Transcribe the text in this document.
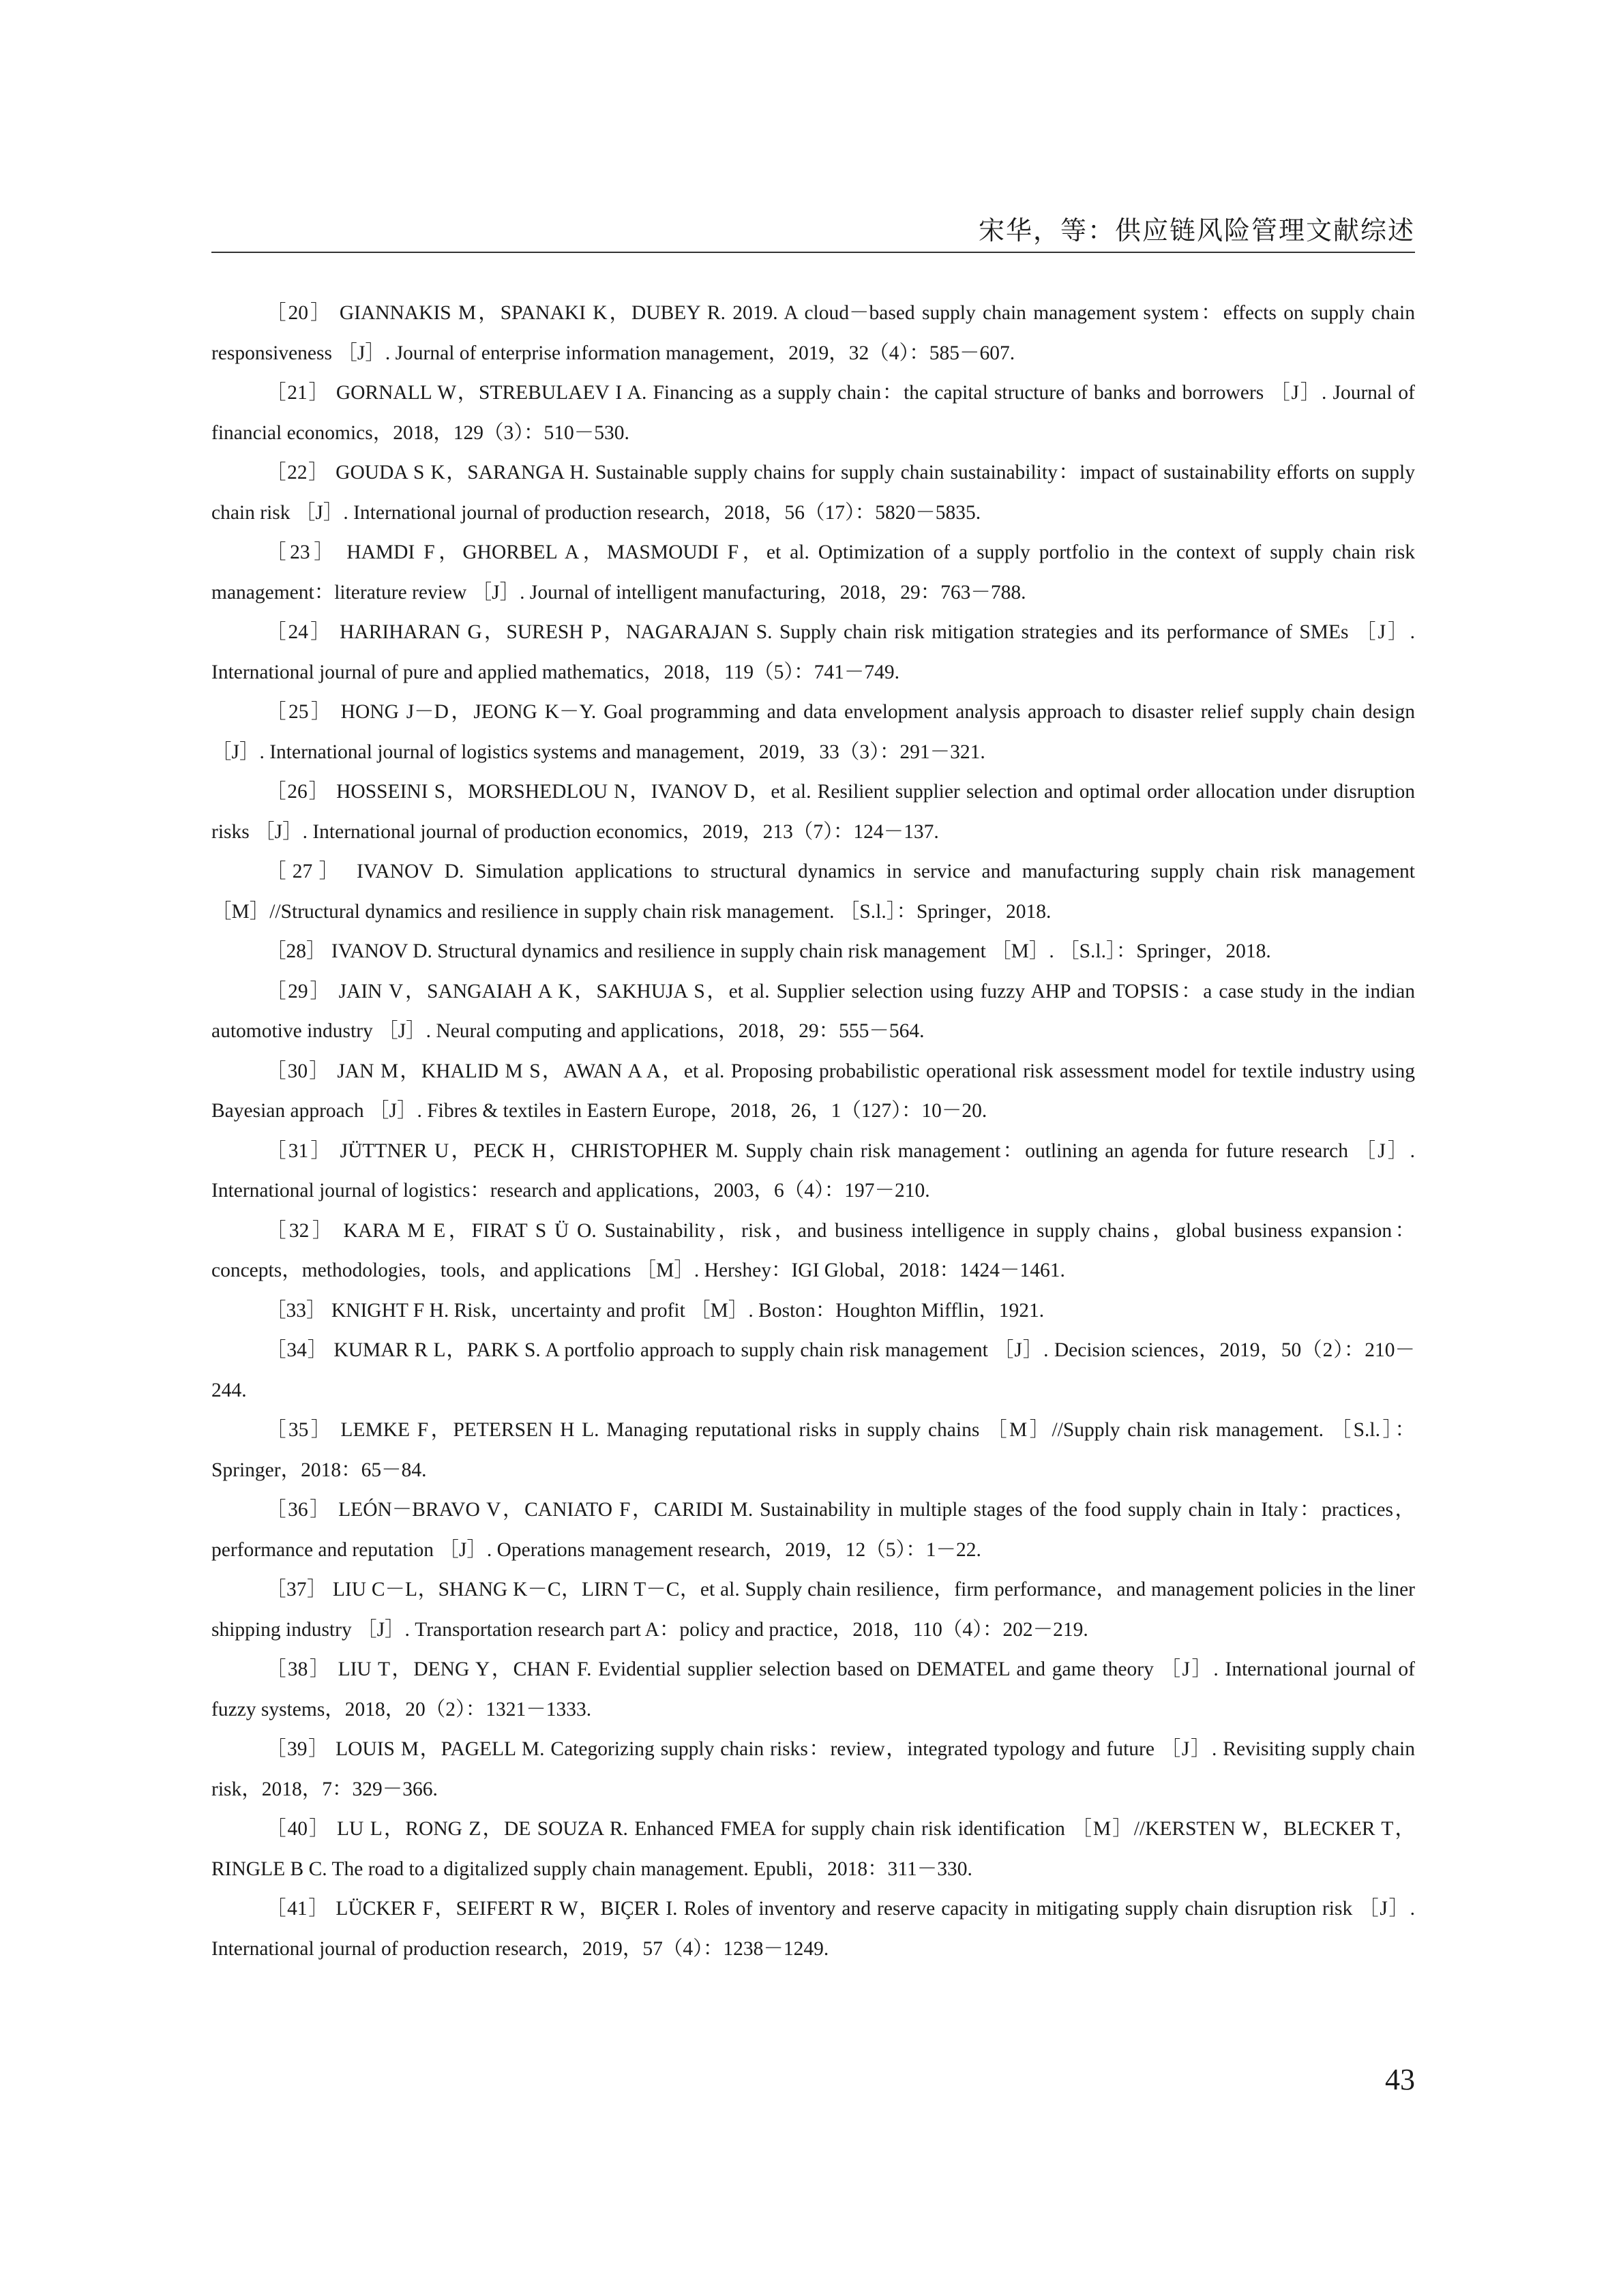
宋华，等：供应链风险管理文献综述

［20］ GIANNAKIS M，SPANAKI K，DUBEY R. 2019. A cloud－based supply chain management system：effects on supply chain responsiveness ［J］. Journal of enterprise information management，2019，32（4）：585－607.

［21］ GORNALL W，STREBULAEV I A. Financing as a supply chain：the capital structure of banks and borrowers ［J］. Journal of financial economics，2018，129（3）：510－530.

［22］ GOUDA S K，SARANGA H. Sustainable supply chains for supply chain sustainability：impact of sustainability efforts on supply chain risk ［J］. International journal of production research，2018，56（17）：5820－5835.

［23］ HAMDI F，GHORBEL A，MASMOUDI F，et al. Optimization of a supply portfolio in the context of supply chain risk management：literature review ［J］. Journal of intelligent manufacturing，2018，29：763－788.

［24］ HARIHARAN G，SURESH P，NAGARAJAN S. Supply chain risk mitigation strategies and its performance of SMEs ［J］. International journal of pure and applied mathematics，2018，119（5）：741－749.

［25］ HONG J－D，JEONG K－Y. Goal programming and data envelopment analysis approach to disaster relief supply chain design ［J］. International journal of logistics systems and management，2019，33（3）：291－321.

［26］ HOSSEINI S，MORSHEDLOU N，IVANOV D，et al. Resilient supplier selection and optimal order allocation under disruption risks ［J］. International journal of production economics，2019，213（7）：124－137.

［27］ IVANOV D. Simulation applications to structural dynamics in service and manufacturing supply chain risk management ［M］//Structural dynamics and resilience in supply chain risk management. ［S.l.］：Springer，2018.

［28］ IVANOV D. Structural dynamics and resilience in supply chain risk management ［M］. ［S.l.］：Springer，2018.

［29］ JAIN V，SANGAIAH A K，SAKHUJA S，et al. Supplier selection using fuzzy AHP and TOPSIS：a case study in the indian automotive industry ［J］. Neural computing and applications，2018，29：555－564.

［30］ JAN M，KHALID M S，AWAN A A，et al. Proposing probabilistic operational risk assessment model for textile industry using Bayesian approach ［J］. Fibres & textiles in Eastern Europe，2018，26，1（127）：10－20.

［31］ JÜTTNER U，PECK H，CHRISTOPHER M. Supply chain risk management：outlining an agenda for future research ［J］. International journal of logistics：research and applications，2003，6（4）：197－210.

［32］ KARA M E，FIRAT S Ü O. Sustainability，risk，and business intelligence in supply chains，global business expansion：concepts，methodologies，tools，and applications ［M］. Hershey：IGI Global，2018：1424－1461.

［33］ KNIGHT F H. Risk，uncertainty and profit ［M］. Boston：Houghton Mifflin，1921.

［34］ KUMAR R L，PARK S. A portfolio approach to supply chain risk management ［J］. Decision sciences，2019，50（2）：210－244.

［35］ LEMKE F，PETERSEN H L. Managing reputational risks in supply chains ［M］//Supply chain risk management. ［S.l.］：Springer，2018：65－84.

［36］ LEÓN－BRAVO V，CANIATO F，CARIDI M. Sustainability in multiple stages of the food supply chain in Italy：practices，performance and reputation ［J］. Operations management research，2019，12（5）：1－22.

［37］ LIU C－L，SHANG K－C，LIRN T－C，et al. Supply chain resilience，firm performance，and management policies in the liner shipping industry ［J］. Transportation research part A：policy and practice，2018，110（4）：202－219.

［38］ LIU T，DENG Y，CHAN F. Evidential supplier selection based on DEMATEL and game theory ［J］. International journal of fuzzy systems，2018，20（2）：1321－1333.

［39］ LOUIS M，PAGELL M. Categorizing supply chain risks：review，integrated typology and future ［J］. Revisiting supply chain risk，2018，7：329－366.

［40］ LU L，RONG Z，DE SOUZA R. Enhanced FMEA for supply chain risk identification ［M］//KERSTEN W，BLECKER T，RINGLE B C. The road to a digitalized supply chain management. Epubli，2018：311－330.

［41］ LÜCKER F，SEIFERT R W，BIÇER I. Roles of inventory and reserve capacity in mitigating supply chain disruption risk ［J］. International journal of production research，2019，57（4）：1238－1249.

43
